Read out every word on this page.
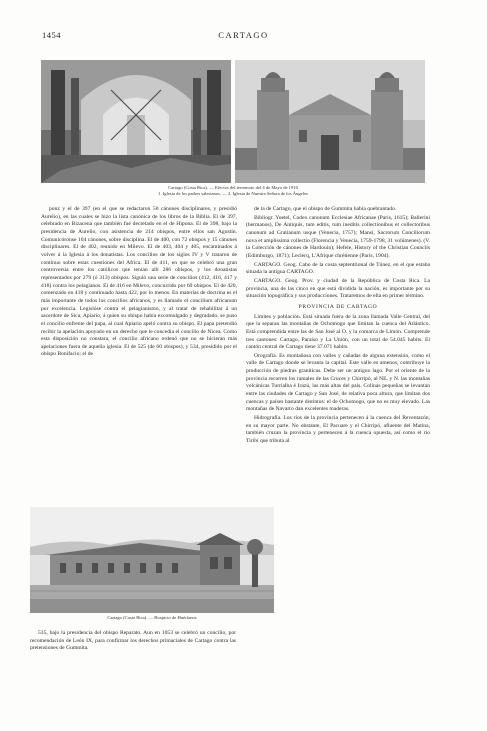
1454	CARTAGO
Cartago (Costa Rica). — Efectos del terremoto del 4 de Mayo de 1910
1. Iglesia de los padres salesianos. — 2. Iglesia de Nuestra Señora de los Ángeles

ponz y el de 397 (en el que se redactaron 50 cánones disciplinares, y presidió Aurelio), en las cuales se hizo la lista canónica de los libros de la Biblia. El de 397, celebrado en Bizacena que también fué decretado en el de Hipona. El de 398, bajo la presidencia de Aurelio, con asistencia de 214 obispos, entre ellos san Agustín. Comunicóronse 104 cánones, sobre disciplina. El de 400, con 72 obispos y 15 cánones disciplinares. El de 402, reunido en Milevo. El de 403, 404 y 405, encaminados á volver á la Iglesia á los donatistas. Los concilios de los siglos IV y V trataron de continuo sobre estas cuestiones del Africa. El de 411, en que se celebró una gran controversia entre los católicos que tenían allí 286 obispos, y los donatistas representados por 279 (ó 313) obispos. Siguió una serie de concilios (412, 416, 417 y 418) contra los pelagianos. El de 416 en Milevo, concurrido por 60 obispos. El de 420, comenzado en 418 y continuado hasta 422, por lo menos. En materias de doctrina es el más importante de todos los concilios africanos, y es llamado el concilium africanum por excelencia. Legislóse contra el pelagianismo, y al tratar de rehabilitar á un sacerdote de Sica, Apiario, á quien su obispo había excomulgado y degradado, se puso el concilio enfrente del papa, al cual Apiario apeló contra su obispo. El papa pretendió recibir la apelación apoyado en un derecho que le concedía el concilio de Nicea. Como esta disposición no constara, el concilio africano ordenó que no se hicieran más apelaciones fuera de aquella iglesia. El de 525 (de 60 obispos), y 534, presidido por el obispo Bonifacio; el de

Cartago (Costa Rica). — Hospicio de Huérfanos

535, bajo la presidencia del obispo Reparato. Aun en 1053 se celebró un concilio, por recomendación de León IX, para confirmar los derechos primaciales de Cartago contra las pretensiones de Gummita.

de la de Cartago, que el obispo de Gummita había quebrantado.

Bibliogr. Yuetel, Codex canonum Ecclesiae Africanae (París, 1615); Ballerini (hermanos), De Antiquis, tum editis, tum ineditis collectionibus et collectoribus canonum ad Gratianum usque (Venecia, 1757); Mansi, Sacrorum Conciliorum nova et amplissima collectio (Florencia y Venecia, 1759-1798, 31 volúmenes). (V. la Colección de cánones de Hardouin); Hefele, History of the Christian Councils (Edimburgo, 1871); Leclerq, L'Afrique chrétienne (París, 1904).

CARTAGO. Geog. Cabo de la costa septentrional de Túnez, en el que estaba situada la antigua CARTAGO.

CARTAGO. Geog. Prov. y ciudad de la República de Costa Rica. La provincia, una de las cinco en que está dividida la nación, es importante por su situación topográfica y sus producciones. Trataremos de ella en primer término.

PROVINCIA DE CARTAGO

Límites y población. Está situada fuera de la zona llamada Valle Central, del que la separan las montañas de Ochomogo que limitan la cuenca del Atlántico. Está comprendida entre las de San José al O. y la comarca de Limón. Comprende tres cantones: Cartago, Paraíso y La Unión, con un total de 54.045 habits. El cantón central de Cartago tiene 37.071 habits.

Orografía. Es montañosa con valles y cañadas de alguna extensión, como el valle de Cartago donde se levanta la capital. Este valle es amenos, contribuye la producción de piedras graníticas. Debe ser un antiguo lago. Por el oriente de la provincia recorren los ramales de las Cruces y Chirripó, al NE. y N. las montañas volcánicas Turrialba é Irazú, las más altas del país. Colinas pequeñas se levantan entre las ciudades de Cartago y San José, de relativa poca altura, que limitan dos cuencas y países bastante distintos: el de Ochomogo, que no es muy elevado. Las montañas de Navarro dan excelentes maderas.

Hidrografía. Los ríos de la provincia pertenecen á la cuenca del Reventazón, en su mayor parte. No obstante, El Pacuare y el Chirripó, afluente del Matina, también cruzan la provincia y pertenecen á la cuenca opuesta, así como el río Tiribí que tributa al
